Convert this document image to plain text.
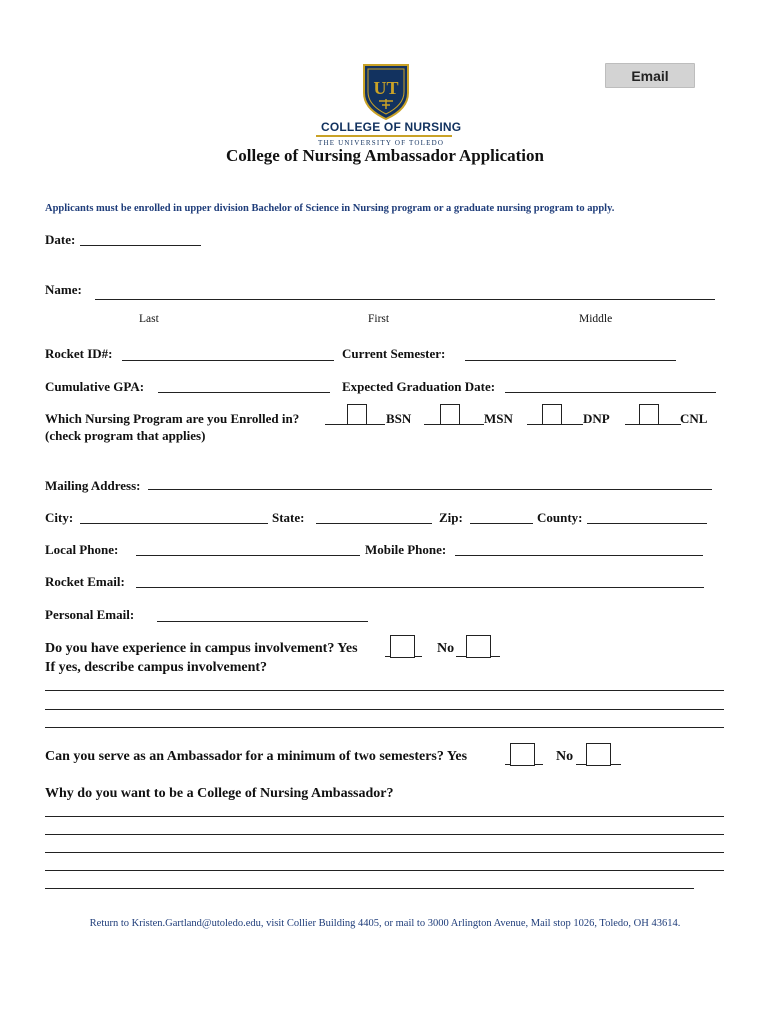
Email
UT
COLLEGE OF NURSING
THE UNIVERSITY OF TOLEDO
College of Nursing Ambassador Application
Applicants must be enrolled in upper division Bachelor of Science in Nursing program or a graduate nursing program to apply.
Date:
Name:
Last	First	Middle
Rocket ID#:	Current Semester:
Cumulative GPA:	Expected Graduation Date:
Which Nursing Program are you Enrolled in?
(check program that applies)
BSN	MSN	DNP	CNL
Mailing Address:
City:	State:	Zip:	County:
Local Phone:	Mobile Phone:
Rocket Email:
Personal Email:
Do you have experience in campus involvement? Yes	No
If yes, describe campus involvement?
Can you serve as an Ambassador for a minimum of two semesters? Yes	No
Why do you want to be a College of Nursing Ambassador?
Return to Kristen.Gartland@utoledo.edu, visit Collier Building 4405, or mail to 3000 Arlington Avenue, Mail stop 1026, Toledo, OH 43614.
